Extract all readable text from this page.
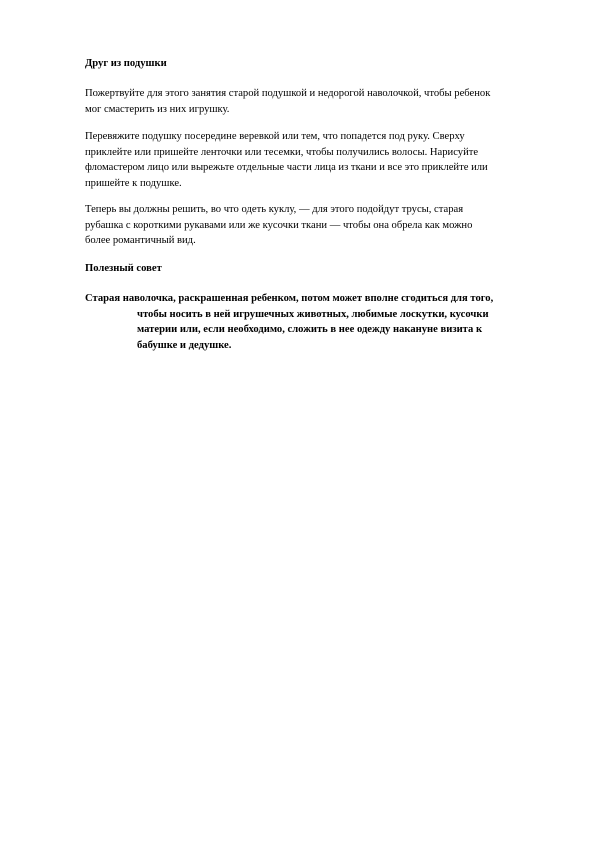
Друг из подушки
Пожертвуйте для этого занятия старой подушкой и недорогой наволочкой, чтобы ребенок
мог смастерить из них игрушку.
Перевяжите подушку посередине веревкой или тем, что попадется под руку. Сверху
приклейте или пришейте ленточки или тесемки, чтобы получились волосы. Нарисуйте
фломастером лицо или вырежьте отдельные части лица из ткани и все это приклейте или
пришейте к подушке.
Теперь вы должны решить, во что одеть куклу, — для этого подойдут трусы, старая
рубашка с короткими рукавами или же кусочки ткани — чтобы она обрела как можно
более романтичный вид.
Полезный совет
Старая наволочка, раскрашенная ребенком, потом может вполне сгодиться для того,
чтобы носить в ней игрушечных животных, любимые лоскутки, кусочки
материи или, если необходимо, сложить в нее одежду накануне визита к
бабушке и дедушке.
